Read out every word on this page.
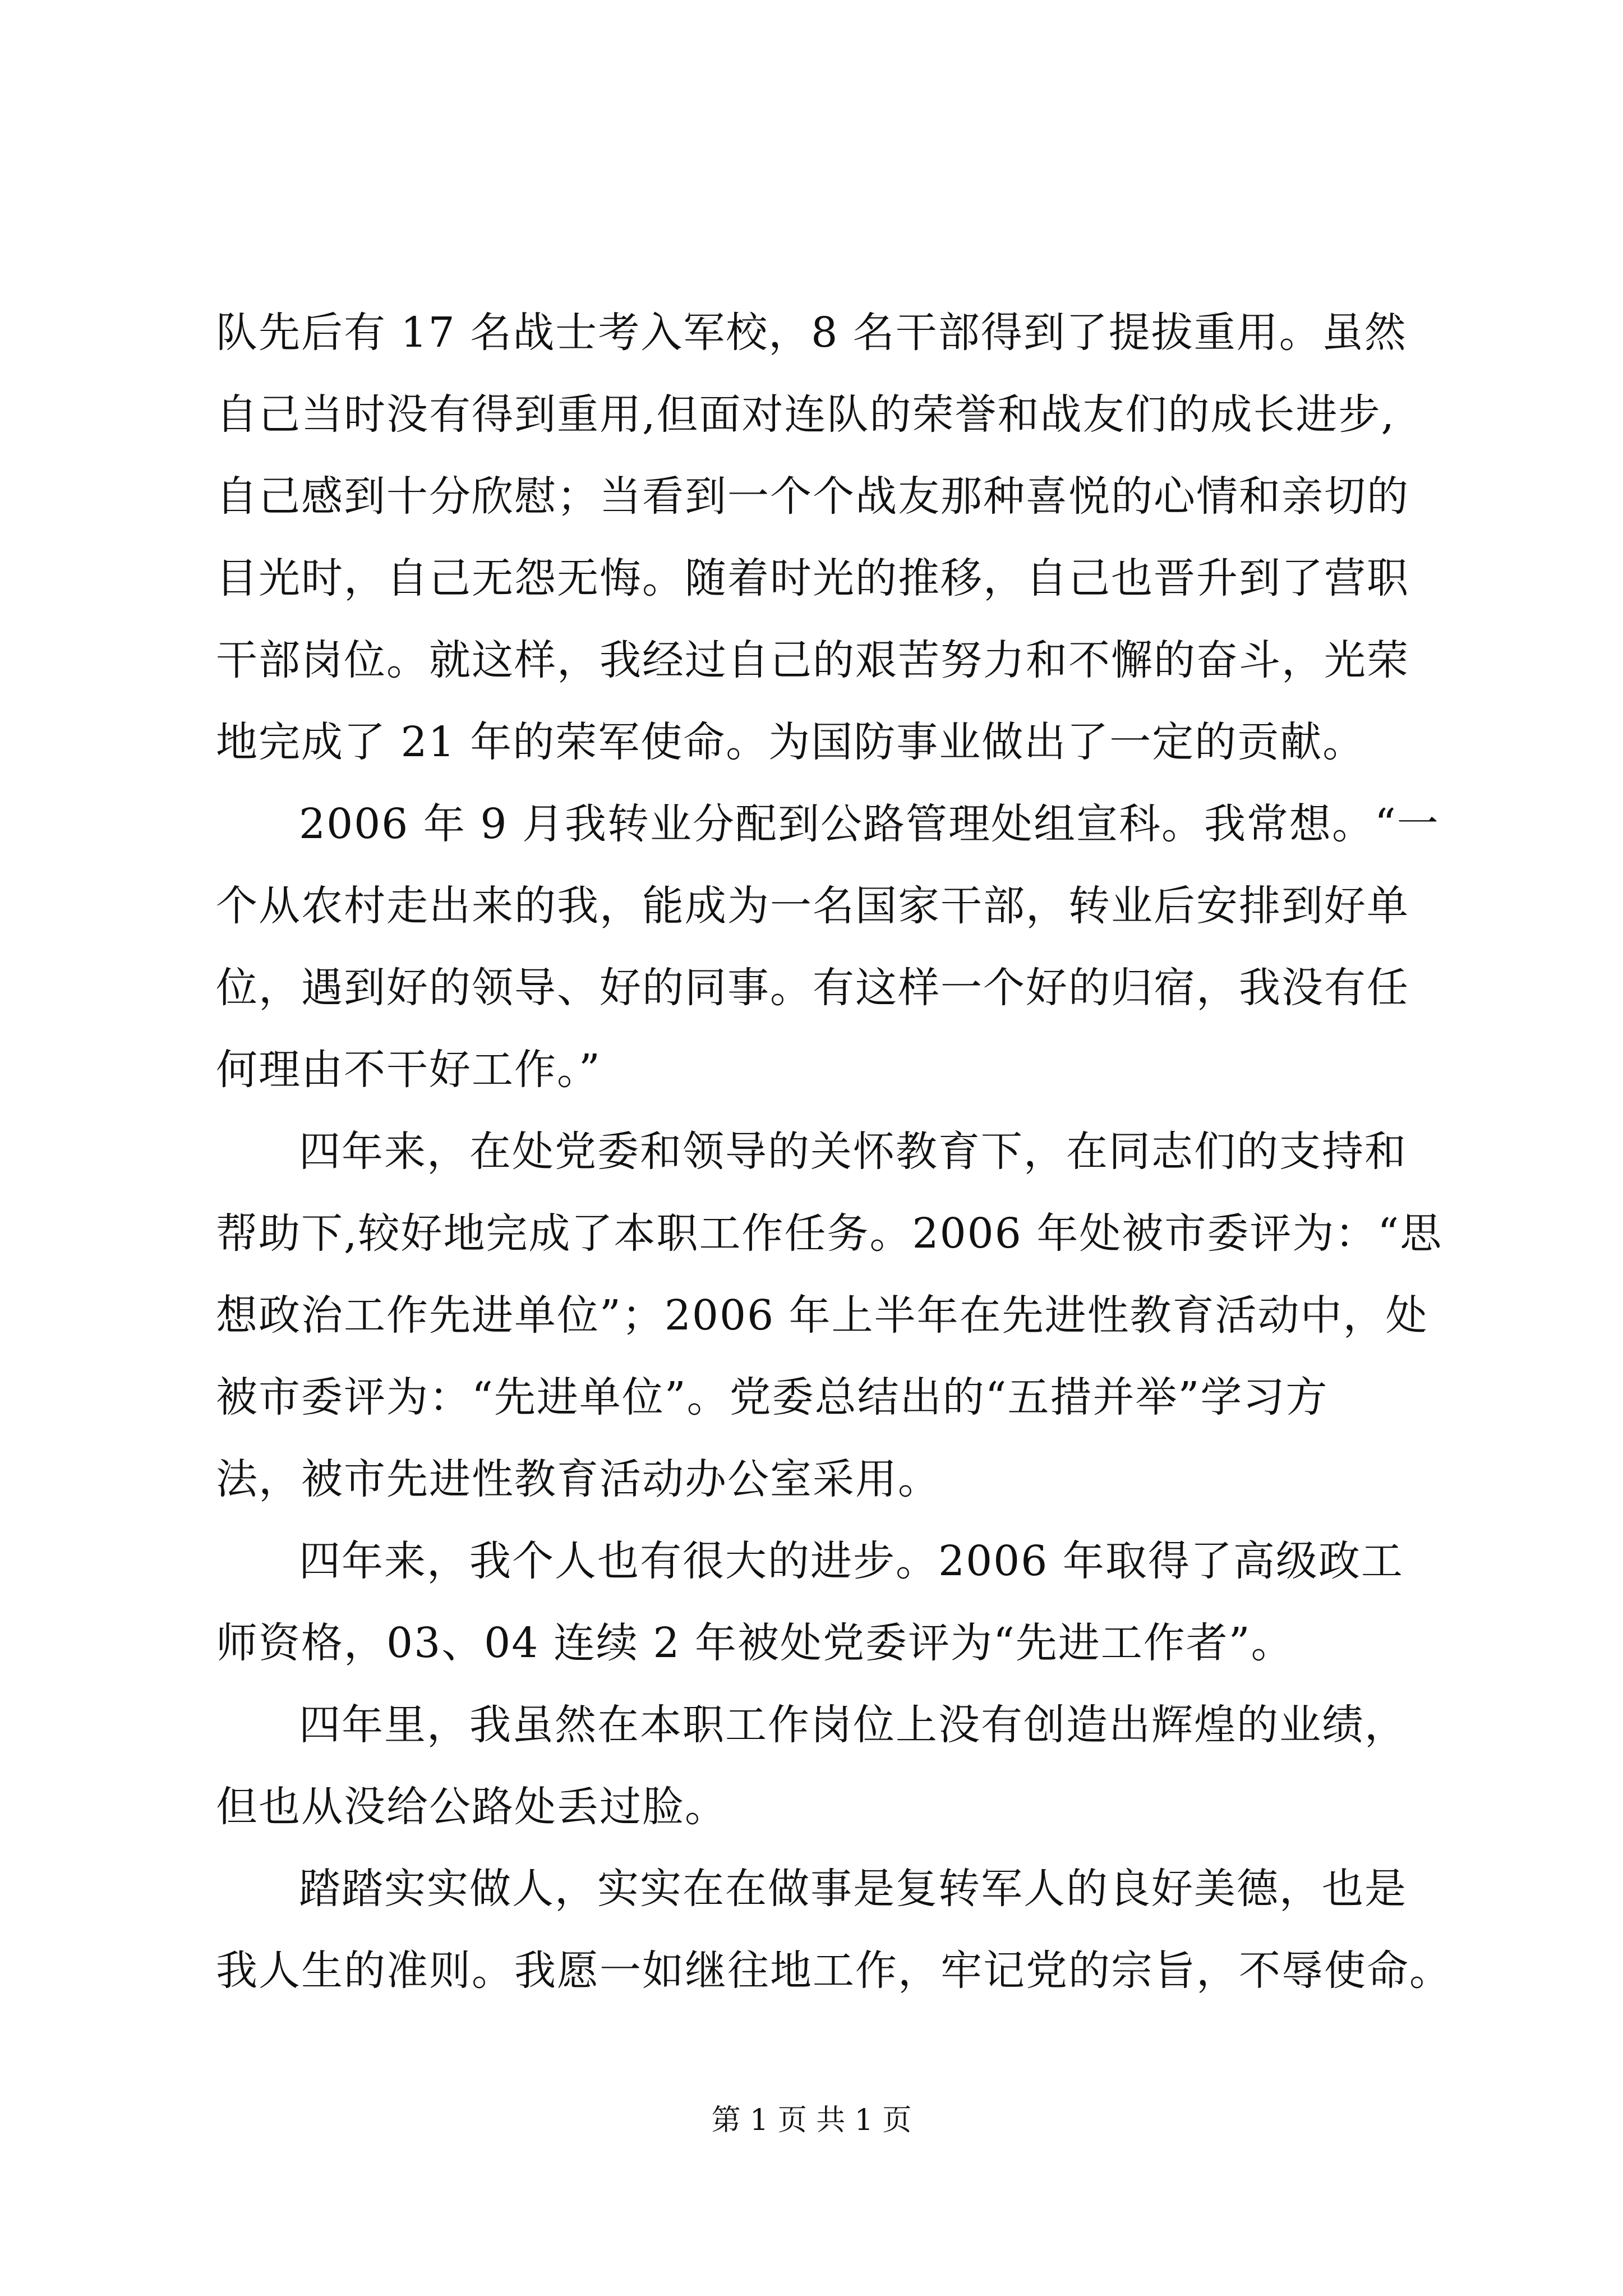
队先后有 17 名战士考入军校，8 名干部得到了提拔重用。虽然
自己当时没有得到重用,但面对连队的荣誉和战友们的成长进步,
自己感到十分欣慰；当看到一个个战友那种喜悦的心情和亲切的
目光时，自己无怨无悔。随着时光的推移，自己也晋升到了营职
干部岗位。就这样，我经过自己的艰苦努力和不懈的奋斗，光荣
地完成了 21 年的荣军使命。为国防事业做出了一定的贡献。
2006 年 9 月我转业分配到公路管理处组宣科。我常想。“一
个从农村走出来的我，能成为一名国家干部，转业后安排到好单
位，遇到好的领导、好的同事。有这样一个好的归宿，我没有任
何理由不干好工作。”
四年来，在处党委和领导的关怀教育下，在同志们的支持和
帮助下,较好地完成了本职工作任务。2006 年处被市委评为：“思
想政治工作先进单位”；2006 年上半年在先进性教育活动中，处
被市委评为：“先进单位”。党委总结出的“五措并举”学习方
法，被市先进性教育活动办公室采用。
四年来，我个人也有很大的进步。2006 年取得了高级政工
师资格，03、04 连续 2 年被处党委评为“先进工作者”。
四年里，我虽然在本职工作岗位上没有创造出辉煌的业绩，
但也从没给公路处丢过脸。
踏踏实实做人，实实在在做事是复转军人的良好美德，也是
我人生的准则。我愿一如继往地工作，牢记党的宗旨，不辱使命。
第 1 页 共 1 页
